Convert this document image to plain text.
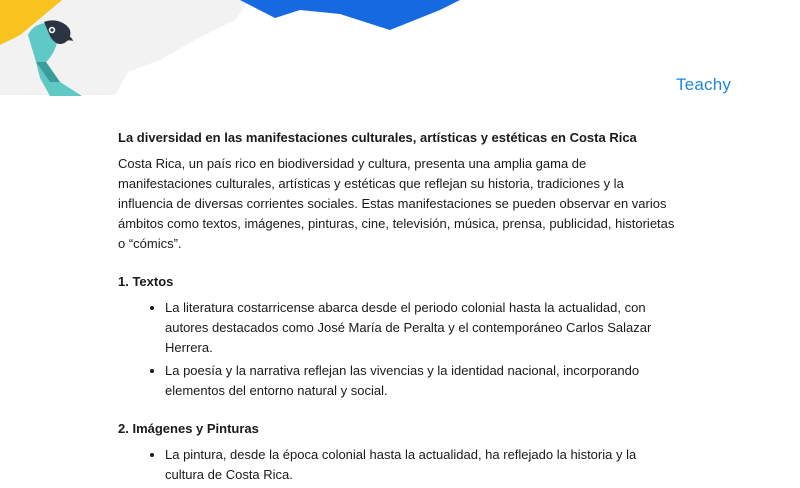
Teachy
La diversidad en las manifestaciones culturales, artísticas y estéticas en Costa Rica

Costa Rica, un país rico en biodiversidad y cultura, presenta una amplia gama de manifestaciones culturales, artísticas y estéticas que reflejan su historia, tradiciones y la influencia de diversas corrientes sociales. Estas manifestaciones se pueden observar en varios ámbitos como textos, imágenes, pinturas, cine, televisión, música, prensa, publicidad, historietas o “cómics”.

1. Textos
• La literatura costarricense abarca desde el periodo colonial hasta la actualidad, con autores destacados como José María de Peralta y el contemporáneo Carlos Salazar Herrera.
• La poesía y la narrativa reflejan las vivencias y la identidad nacional, incorporando elementos del entorno natural y social.
2. Imágenes y Pinturas
• La pintura, desde la época colonial hasta la actualidad, ha reflejado la historia y la cultura de Costa Rica.
